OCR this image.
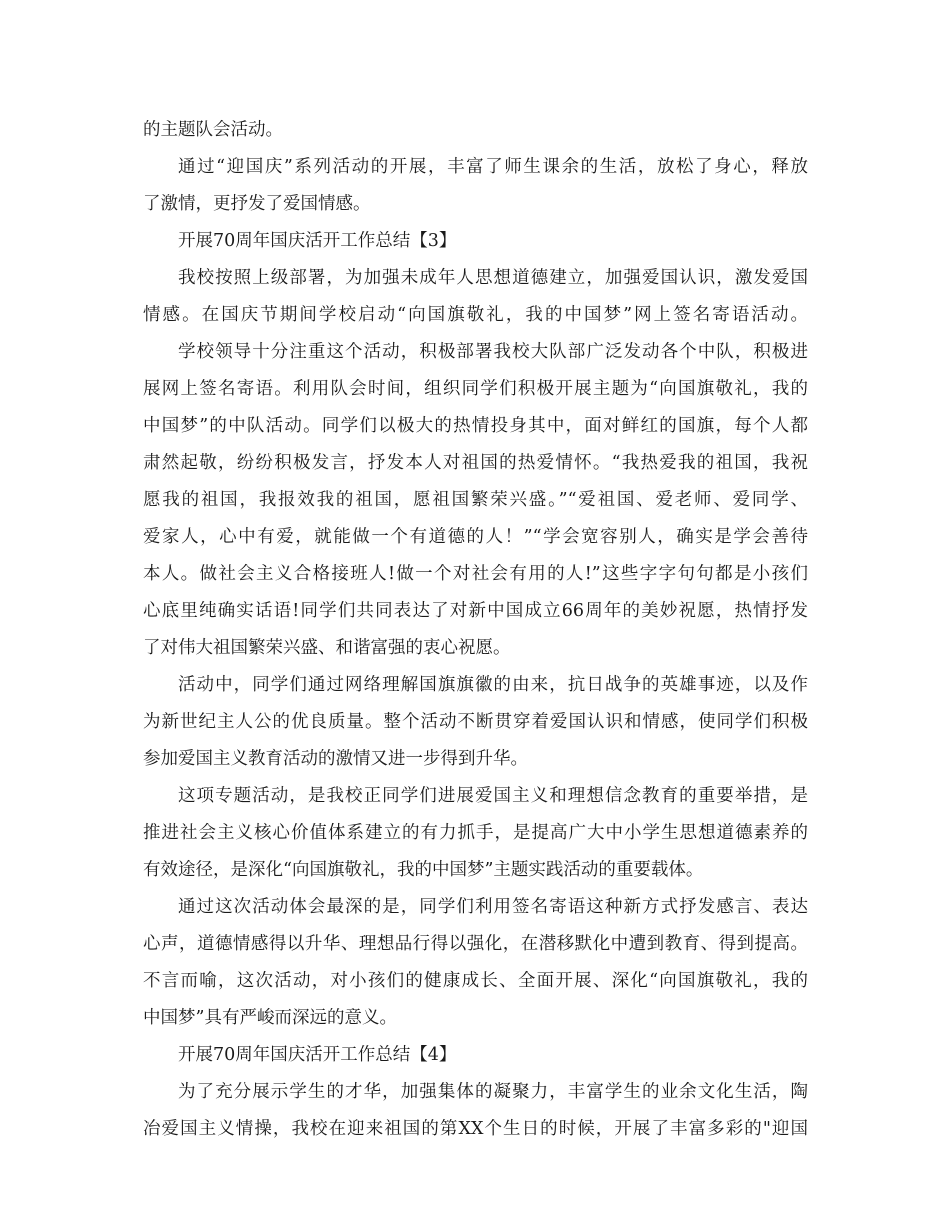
的主题队会活动。
通过“迎国庆”系列活动的开展，丰富了师生课余的生活，放松了身心，释放
了激情，更抒发了爱国情感。
开展70周年国庆活开工作总结【3】
我校按照上级部署，为加强未成年人思想道德建立，加强爱国认识，激发爱国
情感。在国庆节期间学校启动“向国旗敬礼，我的中国梦”网上签名寄语活动。
学校领导十分注重这个活动，积极部署我校大队部广泛发动各个中队，积极进
展网上签名寄语。利用队会时间，组织同学们积极开展主题为“向国旗敬礼，我的
中国梦”的中队活动。同学们以极大的热情投身其中，面对鲜红的国旗，每个人都
肃然起敬，纷纷积极发言，抒发本人对祖国的热爱情怀。“我热爱我的祖国，我祝
愿我的祖国，我报效我的祖国，愿祖国繁荣兴盛。”“爱祖国、爱老师、爱同学、
爱家人，心中有爱，就能做一个有道德的人！”“学会宽容别人，确实是学会善待
本人。做社会主义合格接班人!做一个对社会有用的人!”这些字字句句都是小孩们
心底里纯确实话语!同学们共同表达了对新中国成立66周年的美妙祝愿，热情抒发
了对伟大祖国繁荣兴盛、和谐富强的衷心祝愿。
活动中，同学们通过网络理解国旗旗徽的由来，抗日战争的英雄事迹，以及作
为新世纪主人公的优良质量。整个活动不断贯穿着爱国认识和情感，使同学们积极
参加爱国主义教育活动的激情又进一步得到升华。
这项专题活动，是我校正同学们进展爱国主义和理想信念教育的重要举措，是
推进社会主义核心价值体系建立的有力抓手，是提高广大中小学生思想道德素养的
有效途径，是深化“向国旗敬礼，我的中国梦”主题实践活动的重要载体。
通过这次活动体会最深的是，同学们利用签名寄语这种新方式抒发感言、表达
心声，道德情感得以升华、理想品行得以强化，在潜移默化中遭到教育、得到提高。
不言而喻，这次活动，对小孩们的健康成长、全面开展、深化“向国旗敬礼，我的
中国梦”具有严峻而深远的意义。
开展70周年国庆活开工作总结【4】
为了充分展示学生的才华，加强集体的凝聚力，丰富学生的业余文化生活，陶
冶爱国主义情操，我校在迎来祖国的第XX个生日的时候，开展了丰富多彩的"迎国
